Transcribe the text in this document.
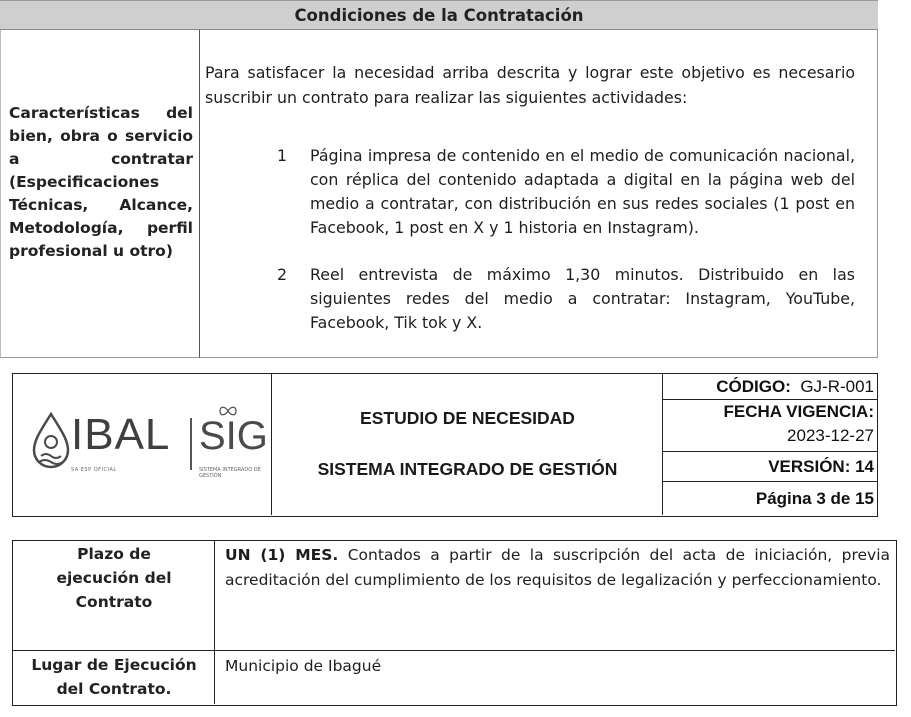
Condiciones de la Contratación
Características del bien, obra o servicio a contratar (Especificaciones Técnicas, Alcance, Metodología, perfil profesional u otro)
Para satisfacer la necesidad arriba descrita y lograr este objetivo es necesario suscribir un contrato para realizar las siguientes actividades:
1 Página impresa de contenido en el medio de comunicación nacional, con réplica del contenido adaptada a digital en la página web del medio a contratar, con distribución en sus redes sociales (1 post en Facebook, 1 post en X y 1 historia en Instagram).
2 Reel entrevista de máximo 1,30 minutos. Distribuido en las siguientes redes del medio a contratar: Instagram, YouTube, Facebook, Tik tok y X.
IBAL SIG
SA ESP OFICIAL	SISTEMA INTEGRADO DE GESTIÓN
ESTUDIO DE NECESIDAD
SISTEMA INTEGRADO DE GESTIÓN
CÓDIGO: GJ-R-001
FECHA VIGENCIA:
2023-12-27
VERSIÓN: 14
Página 3 de 15
Plazo de
ejecución del
Contrato
UN (1) MES. Contados a partir de la suscripción del acta de iniciación, previa acreditación del cumplimiento de los requisitos de legalización y perfeccionamiento.
Lugar de Ejecución
del Contrato.
Municipio de Ibagué
